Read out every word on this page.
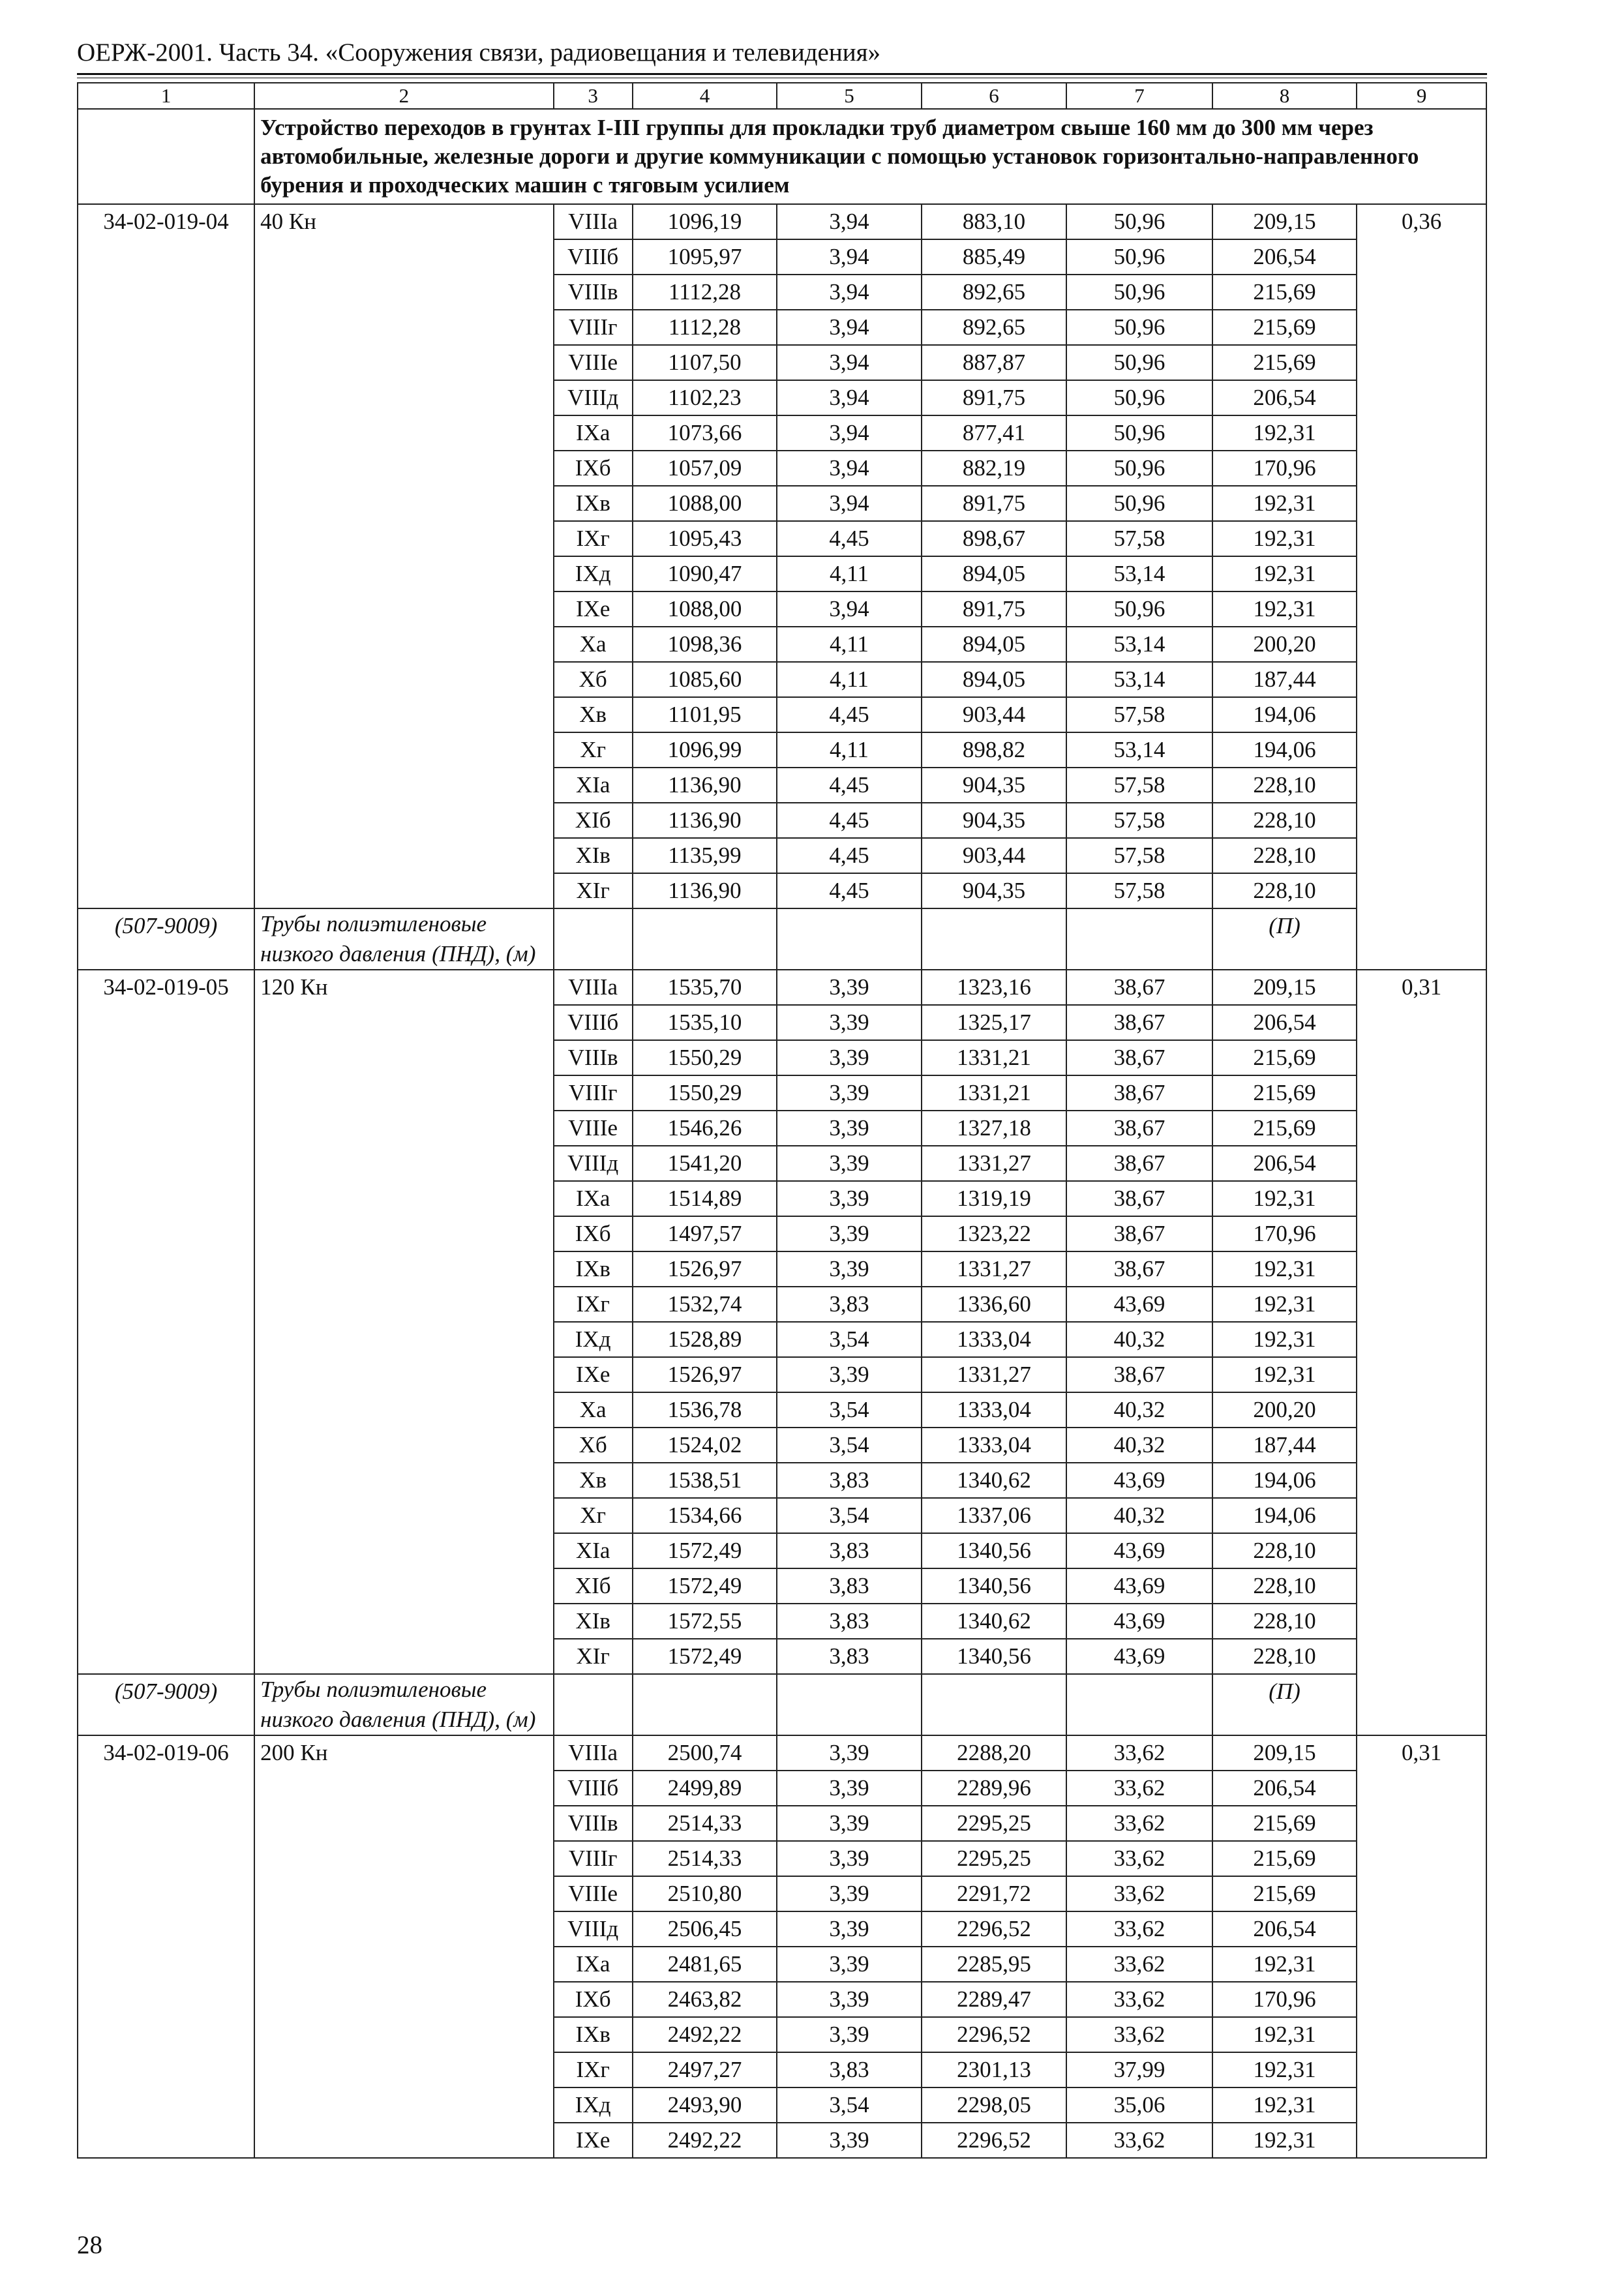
ОЕРЖ-2001. Часть 34. «Сооружения связи, радиовещания и телевидения»
1	2	3	4	5	6	7	8	9
	Устройство переходов в грунтах I-III группы для прокладки труб диаметром свыше 160 мм до 300 мм через автомобильные, железные дороги и другие коммуникации с помощью установок горизонтально-направленного бурения и проходческих машин с тяговым усилием							
34-02-019-04	40 Кн	VIIIа	1096,19	3,94	883,10	50,96	209,15	0,36
		VIIIб	1095,97	3,94	885,49	50,96	206,54	
		VIIIв	1112,28	3,94	892,65	50,96	215,69	
		VIIIг	1112,28	3,94	892,65	50,96	215,69	
		VIIIе	1107,50	3,94	887,87	50,96	215,69	
		VIIIд	1102,23	3,94	891,75	50,96	206,54	
		IXа	1073,66	3,94	877,41	50,96	192,31	
		IXб	1057,09	3,94	882,19	50,96	170,96	
		IXв	1088,00	3,94	891,75	50,96	192,31	
		IXг	1095,43	4,45	898,67	57,58	192,31	
		IXд	1090,47	4,11	894,05	53,14	192,31	
		IXе	1088,00	3,94	891,75	50,96	192,31	
		Xа	1098,36	4,11	894,05	53,14	200,20	
		Xб	1085,60	4,11	894,05	53,14	187,44	
		Xв	1101,95	4,45	903,44	57,58	194,06	
		Xг	1096,99	4,11	898,82	53,14	194,06	
		XIа	1136,90	4,45	904,35	57,58	228,10	
		XIб	1136,90	4,45	904,35	57,58	228,10	
		XIв	1135,99	4,45	903,44	57,58	228,10	
		XIг	1136,90	4,45	904,35	57,58	228,10	
(507-9009)	Трубы полиэтиленовые низкого давления (ПНД), (м)						(П)	
34-02-019-05	120 Кн	VIIIа	1535,70	3,39	1323,16	38,67	209,15	0,31
		VIIIб	1535,10	3,39	1325,17	38,67	206,54	
		VIIIв	1550,29	3,39	1331,21	38,67	215,69	
		VIIIг	1550,29	3,39	1331,21	38,67	215,69	
		VIIIе	1546,26	3,39	1327,18	38,67	215,69	
		VIIIд	1541,20	3,39	1331,27	38,67	206,54	
		IXа	1514,89	3,39	1319,19	38,67	192,31	
		IXб	1497,57	3,39	1323,22	38,67	170,96	
		IXв	1526,97	3,39	1331,27	38,67	192,31	
		IXг	1532,74	3,83	1336,60	43,69	192,31	
		IXд	1528,89	3,54	1333,04	40,32	192,31	
		IXе	1526,97	3,39	1331,27	38,67	192,31	
		Xа	1536,78	3,54	1333,04	40,32	200,20	
		Xб	1524,02	3,54	1333,04	40,32	187,44	
		Xв	1538,51	3,83	1340,62	43,69	194,06	
		Xг	1534,66	3,54	1337,06	40,32	194,06	
		XIа	1572,49	3,83	1340,56	43,69	228,10	
		XIб	1572,49	3,83	1340,56	43,69	228,10	
		XIв	1572,55	3,83	1340,62	43,69	228,10	
		XIг	1572,49	3,83	1340,56	43,69	228,10	
(507-9009)	Трубы полиэтиленовые низкого давления (ПНД), (м)						(П)	
34-02-019-06	200 Кн	VIIIа	2500,74	3,39	2288,20	33,62	209,15	0,31
		VIIIб	2499,89	3,39	2289,96	33,62	206,54	
		VIIIв	2514,33	3,39	2295,25	33,62	215,69	
		VIIIг	2514,33	3,39	2295,25	33,62	215,69	
		VIIIе	2510,80	3,39	2291,72	33,62	215,69	
		VIIIд	2506,45	3,39	2296,52	33,62	206,54	
		IXа	2481,65	3,39	2285,95	33,62	192,31	
		IXб	2463,82	3,39	2289,47	33,62	170,96	
		IXв	2492,22	3,39	2296,52	33,62	192,31	
		IXг	2497,27	3,83	2301,13	37,99	192,31	
		IXд	2493,90	3,54	2298,05	35,06	192,31	
		IXе	2492,22	3,39	2296,52	33,62	192,31	
28
